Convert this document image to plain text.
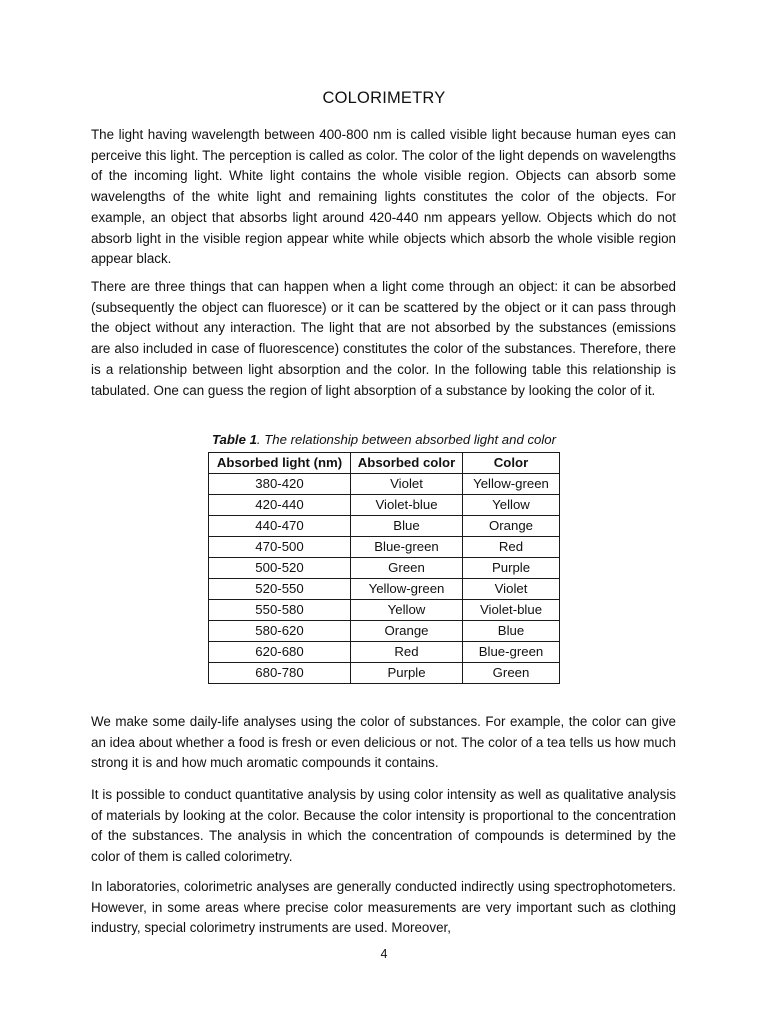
COLORIMETRY

The light having wavelength between 400-800 nm is called visible light because human eyes can perceive this light. The perception is called as color. The color of the light depends on wavelengths of the incoming light. White light contains the whole visible region. Objects can absorb some wavelengths of the white light and remaining lights constitutes the color of the objects. For example, an object that absorbs light around 420-440 nm appears yellow. Objects which do not absorb light in the visible region appear white while objects which absorb the whole visible region appear black.

There are three things that can happen when a light come through an object: it can be absorbed (subsequently the object can fluoresce) or it can be scattered by the object or it can pass through the object without any interaction. The light that are not absorbed by the substances (emissions are also included in case of fluorescence) constitutes the color of the substances. Therefore, there is a relationship between light absorption and the color. In the following table this relationship is tabulated. One can guess the region of light absorption of a substance by looking the color of it.

Table 1. The relationship between absorbed light and color
Absorbed light (nm)	Absorbed color	Color
380-420	Violet	Yellow-green
420-440	Violet-blue	Yellow
440-470	Blue	Orange
470-500	Blue-green	Red
500-520	Green	Purple
520-550	Yellow-green	Violet
550-580	Yellow	Violet-blue
580-620	Orange	Blue
620-680	Red	Blue-green
680-780	Purple	Green

We make some daily-life analyses using the color of substances. For example, the color can give an idea about whether a food is fresh or even delicious or not. The color of a tea tells us how much strong it is and how much aromatic compounds it contains.

It is possible to conduct quantitative analysis by using color intensity as well as qualitative analysis of materials by looking at the color. Because the color intensity is proportional to the concentration of the substances. The analysis in which the concentration of compounds is determined by the color of them is called colorimetry.

In laboratories, colorimetric analyses are generally conducted indirectly using spectrophotometers. However, in some areas where precise color measurements are very important such as clothing industry, special colorimetry instruments are used. Moreover,

4
